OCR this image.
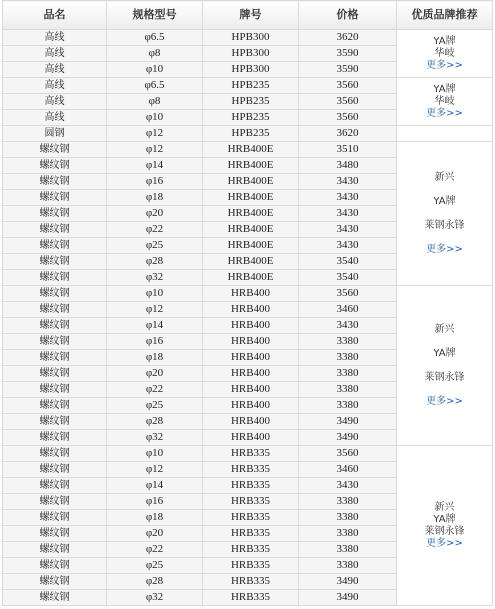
品名	规格型号	牌号	价格	优质品牌推荐
高线	φ6.5	HPB300	3620	YA牌
华岐
更多>>

高线	φ8	HPB300	3590	
高线	φ10	HPB300	3590	
高线	φ6.5	HPB235	3560	YA牌
华岐
更多>>

高线	φ8	HPB235	3560	
高线	φ10	HPB235	3560	
圆钢	φ12	HPB235	3620	
螺纹钢	φ12	HRB400E	3510	新兴
YA牌
莱钢永锋
更多>>

螺纹钢	φ14	HRB400E	3480	
螺纹钢	φ16	HRB400E	3430	
螺纹钢	φ18	HRB400E	3430	
螺纹钢	φ20	HRB400E	3430	
螺纹钢	φ22	HRB400E	3430	
螺纹钢	φ25	HRB400E	3430	
螺纹钢	φ28	HRB400E	3540	
螺纹钢	φ32	HRB400E	3540	
螺纹钢	φ10	HRB400	3560	新兴
YA牌
莱钢永锋
更多>>

螺纹钢	φ12	HRB400	3460	
螺纹钢	φ14	HRB400	3430	
螺纹钢	φ16	HRB400	3380	
螺纹钢	φ18	HRB400	3380	
螺纹钢	φ20	HRB400	3380	
螺纹钢	φ22	HRB400	3380	
螺纹钢	φ25	HRB400	3380	
螺纹钢	φ28	HRB400	3490	
螺纹钢	φ32	HRB400	3490	
螺纹钢	φ10	HRB335	3560	新兴
YA牌
莱钢永锋
更多>>

螺纹钢	φ12	HRB335	3460	
螺纹钢	φ14	HRB335	3430	
螺纹钢	φ16	HRB335	3380	
螺纹钢	φ18	HRB335	3380	
螺纹钢	φ20	HRB335	3380	
螺纹钢	φ22	HRB335	3380	
螺纹钢	φ25	HRB335	3380	
螺纹钢	φ28	HRB335	3490	
螺纹钢	φ32	HRB335	3490	
